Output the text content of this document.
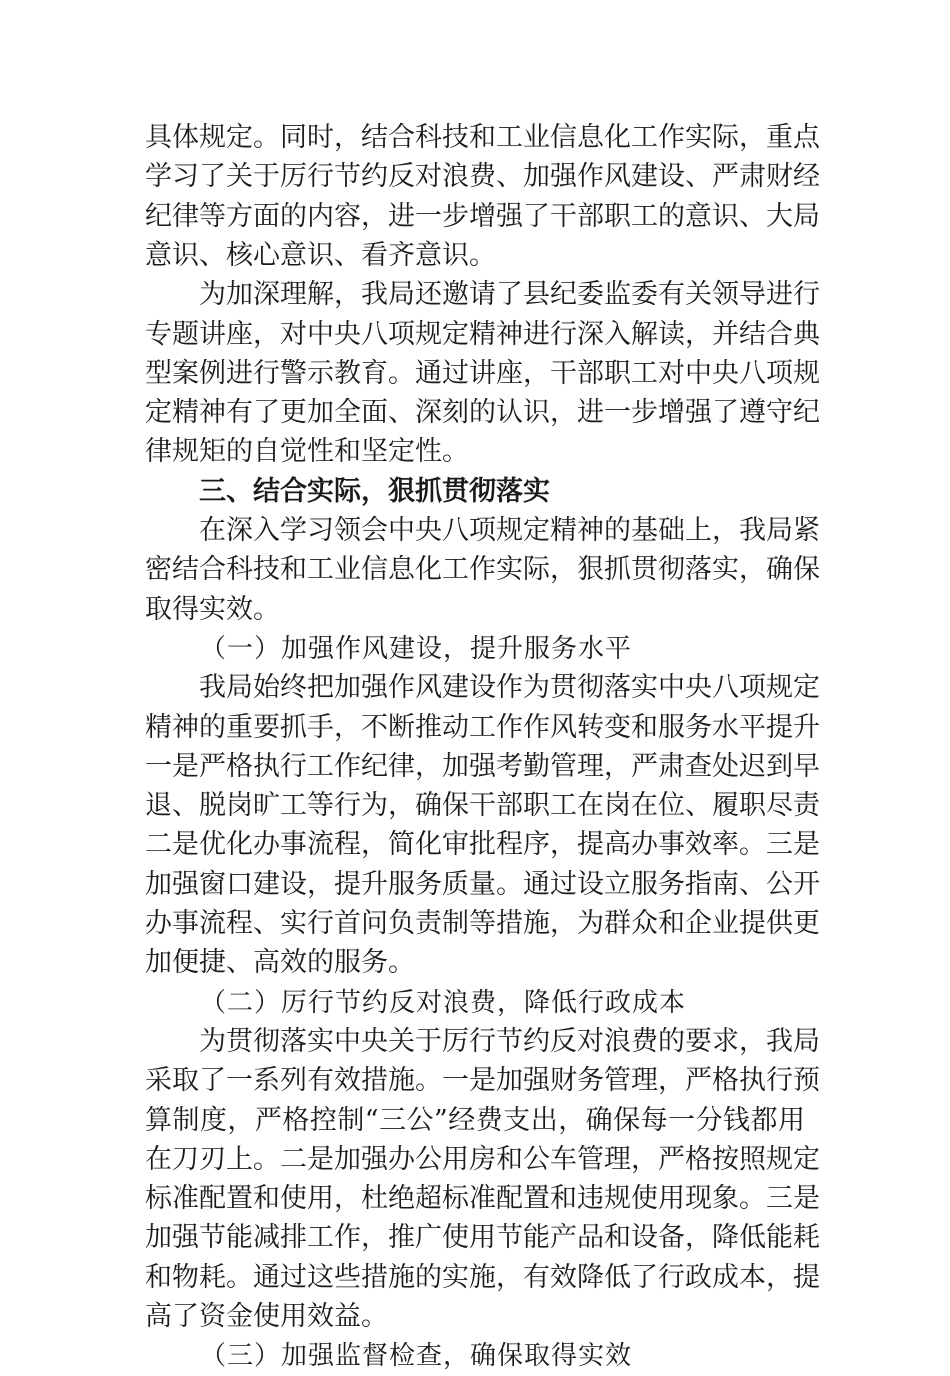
具体规定。同时，结合科技和工业信息化工作实际，重点
学习了关于厉行节约反对浪费、加强作风建设、严肃财经
纪律等方面的内容，进一步增强了干部职工的意识、大局
意识、核心意识、看齐意识。
为加深理解，我局还邀请了县纪委监委有关领导进行
专题讲座，对中央八项规定精神进行深入解读，并结合典
型案例进行警示教育。通过讲座，干部职工对中央八项规
定精神有了更加全面、深刻的认识，进一步增强了遵守纪
律规矩的自觉性和坚定性。
三、结合实际，狠抓贯彻落实
在深入学习领会中央八项规定精神的基础上，我局紧
密结合科技和工业信息化工作实际，狠抓贯彻落实，确保
取得实效。
（一）加强作风建设，提升服务水平
我局始终把加强作风建设作为贯彻落实中央八项规定
精神的重要抓手，不断推动工作作风转变和服务水平提升
一是严格执行工作纪律，加强考勤管理，严肃查处迟到早
退、脱岗旷工等行为，确保干部职工在岗在位、履职尽责
二是优化办事流程，简化审批程序，提高办事效率。三是
加强窗口建设，提升服务质量。通过设立服务指南、公开
办事流程、实行首问负责制等措施，为群众和企业提供更
加便捷、高效的服务。
（二）厉行节约反对浪费，降低行政成本
为贯彻落实中央关于厉行节约反对浪费的要求，我局
采取了一系列有效措施。一是加强财务管理，严格执行预
算制度，严格控制“三公”经费支出，确保每一分钱都用
在刀刃上。二是加强办公用房和公车管理，严格按照规定
标准配置和使用，杜绝超标准配置和违规使用现象。三是
加强节能减排工作，推广使用节能产品和设备，降低能耗
和物耗。通过这些措施的实施，有效降低了行政成本，提
高了资金使用效益。
（三）加强监督检查，确保取得实效
